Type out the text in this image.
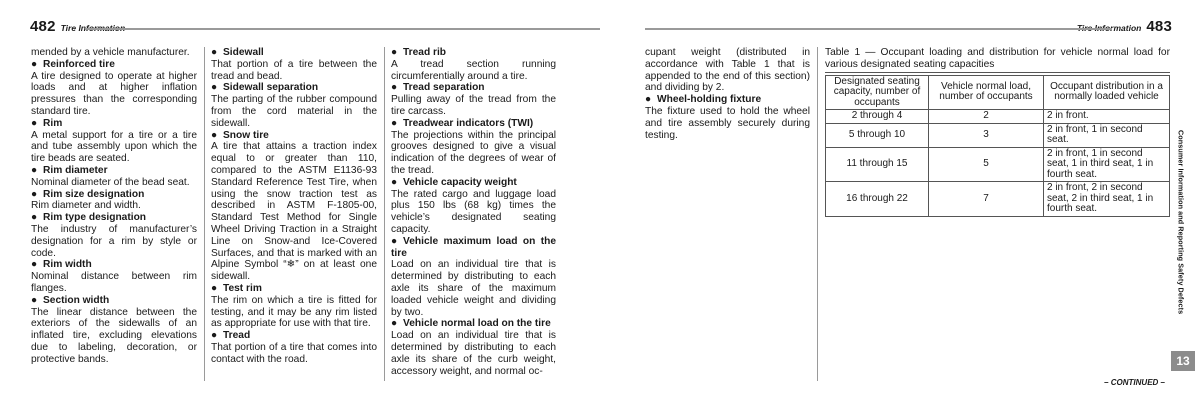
482 Tire Information

mended by a vehicle manufacturer.

● Reinforced tire

A tire designed to operate at higher loads and at higher inflation pressures than the corresponding standard tire.

● Rim

A metal support for a tire or a tire and tube assembly upon which the tire beads are seated.

● Rim diameter

Nominal diameter of the bead seat.

● Rim size designation

Rim diameter and width.

● Rim type designation

The industry of manufacturer’s designation for a rim by style or code.

● Rim width

Nominal distance between rim flanges.

● Section width

The linear distance between the exteriors of the sidewalls of an inflated tire, excluding elevations due to labeling, decoration, or protective bands.

● Sidewall

That portion of a tire between the tread and bead.

● Sidewall separation

The parting of the rubber compound from the cord material in the sidewall.

● Snow tire

A tire that attains a traction index equal to or greater than 110, compared to the ASTM E1136-93 Standard Reference Test Tire, when using the snow traction test as described in ASTM F-1805-00, Standard Test Method for Single Wheel Driving Traction in a Straight Line on Snow-and Ice-Covered Surfaces, and that is marked with an Alpine Symbol “❄” on at least one sidewall.

● Test rim

The rim on which a tire is fitted for testing, and it may be any rim listed as appropriate for use with that tire.

● Tread

That portion of a tire that comes into contact with the road.

● Tread rib

A tread section running circumferentially around a tire.

● Tread separation

Pulling away of the tread from the tire carcass.

● Treadwear indicators (TWI)

The projections within the principal grooves designed to give a visual indication of the degrees of wear of the tread.

● Vehicle capacity weight

The rated cargo and luggage load plus 150 lbs (68 kg) times the vehicle’s designated seating capacity.

● Vehicle maximum load on the tire

Load on an individual tire that is determined by distributing to each axle its share of the maximum loaded vehicle weight and dividing by two.

● Vehicle normal load on the tire

Load on an individual tire that is determined by distributing to each axle its share of the curb weight, accessory weight, and normal oc-

Tire Information 483

cupant weight (distributed in accordance with Table 1 that is appended to the end of this section) and dividing by 2.

● Wheel-holding fixture

The fixture used to hold the wheel and tire assembly securely during testing.

Table 1 — Occupant loading and distribution for vehicle normal load for various designated seating capacities

Designated seating capacity, number of occupants	Vehicle normal load, number of occupants	Occupant distribution in a normally loaded vehicle
2 through 4	2	2 in front.
5 through 10	3	2 in front, 1 in second seat.
11 through 15	5	2 in front, 1 in second seat, 1 in third seat, 1 in fourth seat.
16 through 22	7	2 in front, 2 in second seat, 2 in third seat, 1 in fourth seat.	Consumer Information and Reporting Safety Defects
13
– CONTINUED –
